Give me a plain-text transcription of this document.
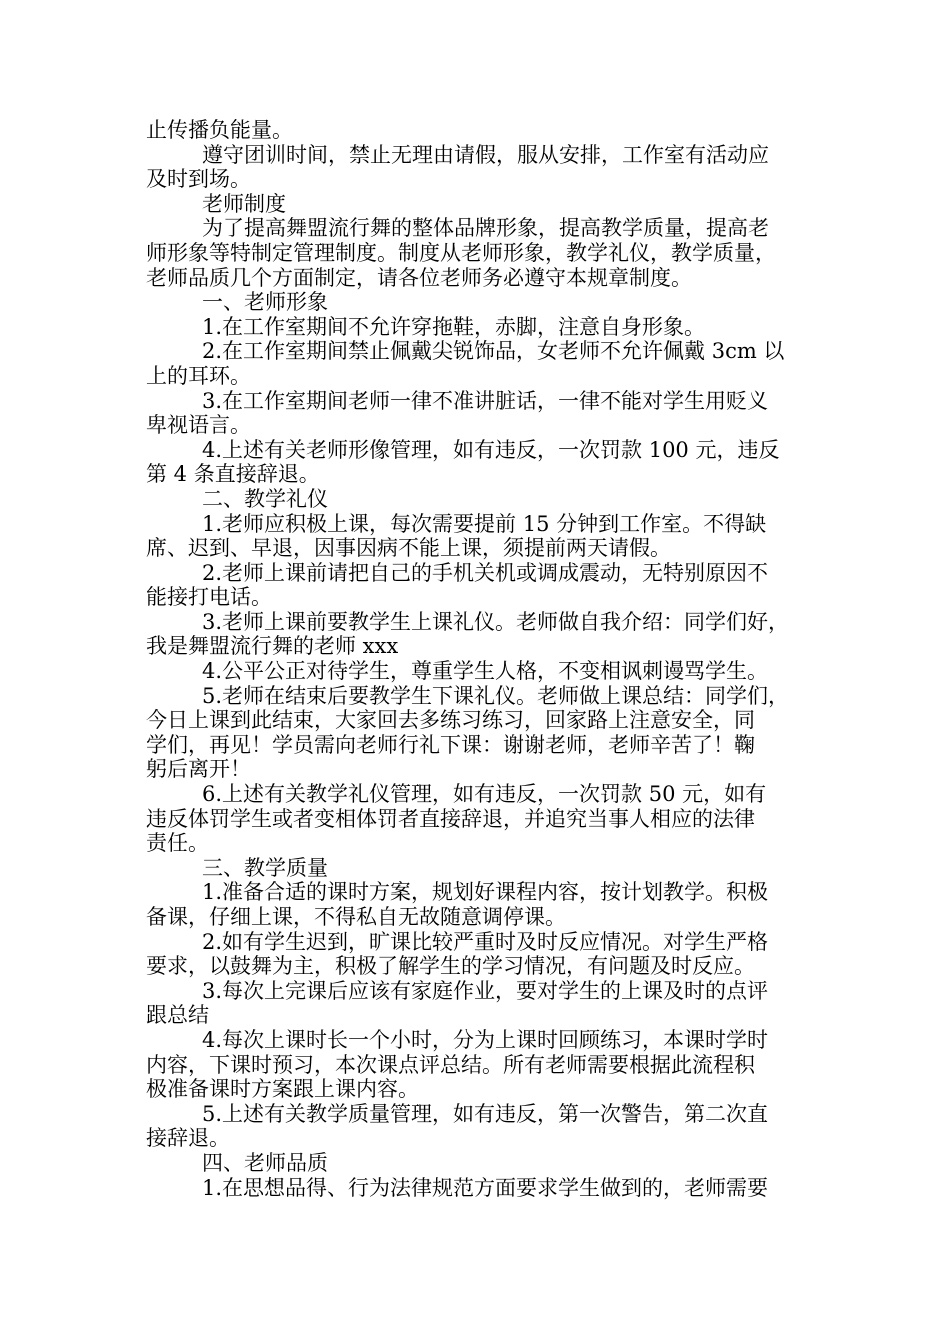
止传播负能量。
遵守团训时间，禁止无理由请假，服从安排，工作室有活动应
及时到场。
老师制度
为了提高舞盟流行舞的整体品牌形象，提高教学质量，提高老
师形象等特制定管理制度。制度从老师形象，教学礼仪，教学质量，
老师品质几个方面制定，请各位老师务必遵守本规章制度。
一、老师形象
1.在工作室期间不允许穿拖鞋，赤脚，注意自身形象。
2.在工作室期间禁止佩戴尖锐饰品，女老师不允许佩戴 3cm 以
上的耳环。
3.在工作室期间老师一律不准讲脏话，一律不能对学生用贬义
卑视语言。
4.上述有关老师形像管理，如有违反，一次罚款 100 元，违反
第 4 条直接辞退。
二、教学礼仪
1.老师应积极上课，每次需要提前 15 分钟到工作室。不得缺
席、迟到、早退，因事因病不能上课，须提前两天请假。
2.老师上课前请把自己的手机关机或调成震动，无特别原因不
能接打电话。
3.老师上课前要教学生上课礼仪。老师做自我介绍：同学们好，
我是舞盟流行舞的老师 xxx
4.公平公正对待学生，尊重学生人格，不变相讽刺谩骂学生。
5.老师在结束后要教学生下课礼仪。老师做上课总结：同学们，
今日上课到此结束，大家回去多练习练习，回家路上注意安全，同
学们，再见！学员需向老师行礼下课：谢谢老师，老师辛苦了！鞠
躬后离开！
6.上述有关教学礼仪管理，如有违反，一次罚款 50 元，如有
违反体罚学生或者变相体罚者直接辞退，并追究当事人相应的法律
责任。
三、教学质量
1.准备合适的课时方案，规划好课程内容，按计划教学。积极
备课，仔细上课，不得私自无故随意调停课。
2.如有学生迟到，旷课比较严重时及时反应情况。对学生严格
要求，以鼓舞为主，积极了解学生的学习情况，有问题及时反应。
3.每次上完课后应该有家庭作业，要对学生的上课及时的点评
跟总结
4.每次上课时长一个小时，分为上课时回顾练习，本课时学时
内容，下课时预习，本次课点评总结。所有老师需要根据此流程积
极准备课时方案跟上课内容。
5.上述有关教学质量管理，如有违反，第一次警告，第二次直
接辞退。
四、老师品质
1.在思想品得、行为法律规范方面要求学生做到的，老师需要
